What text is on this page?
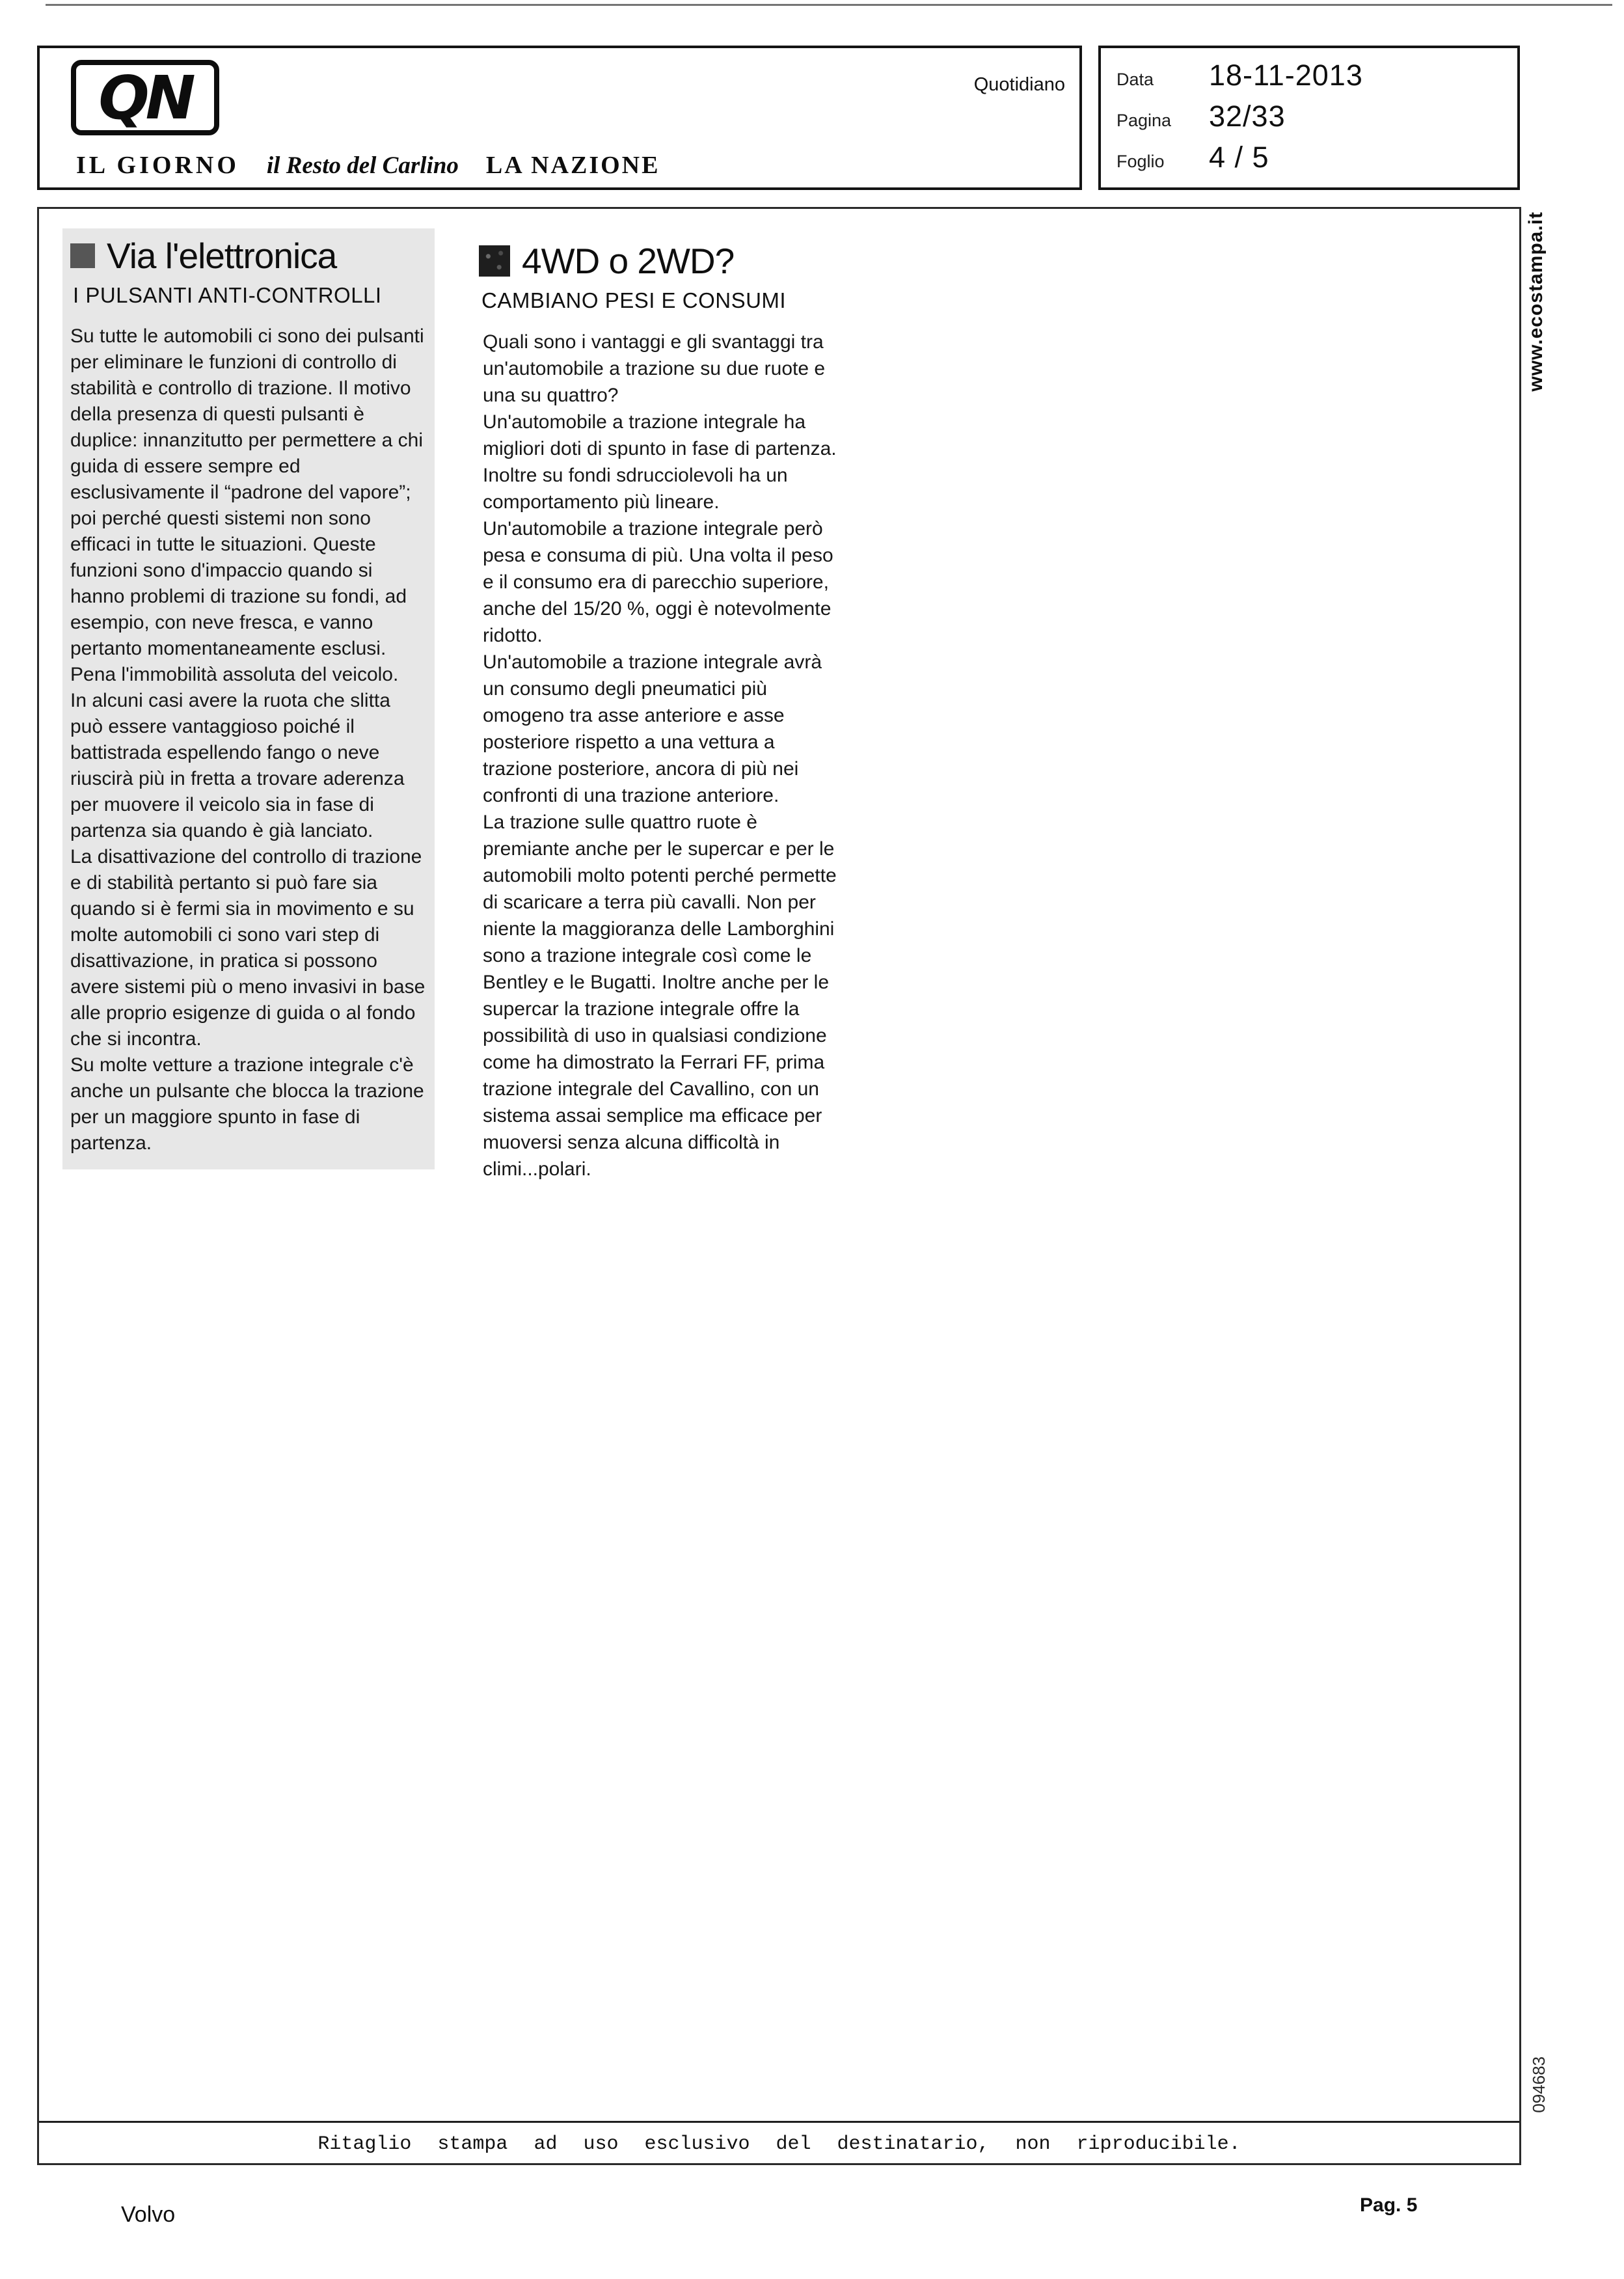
QN
IL GIORNO il Resto del Carlino LA NAZIONE
Quotidiano	Data	18-11-2013
Pagina	32/33
Foglio	4 / 5
Via l'elettronica
I PULSANTI ANTI-CONTROLLI

Su tutte le automobili ci sono dei pulsanti per eliminare le funzioni di controllo di stabilità e controllo di trazione. Il motivo della presenza di questi pulsanti è duplice: innanzitutto per permettere a chi guida di essere sempre ed esclusivamente il “padrone del vapore”; poi perché questi sistemi non sono efficaci in tutte le situazioni. Queste funzioni sono d'impaccio quando si hanno problemi di trazione su fondi, ad esempio, con neve fresca, e vanno pertanto momentaneamente esclusi. Pena l'immobilità assoluta del veicolo.

In alcuni casi avere la ruota che slitta può essere vantaggioso poiché il battistrada espellendo fango o neve riuscirà più in fretta a trovare aderenza per muovere il veicolo sia in fase di partenza sia quando è già lanciato.

La disattivazione del controllo di trazione e di stabilità pertanto si può fare sia quando si è fermi sia in movimento e su molte automobili ci sono vari step di disattivazione, in pratica si possono avere sistemi più o meno invasivi in base alle proprio esigenze di guida o al fondo che si incontra.

Su molte vetture a trazione integrale c'è anche un pulsante che blocca la trazione per un maggiore spunto in fase di partenza.

4WD o 2WD?
CAMBIANO PESI E CONSUMI

Quali sono i vantaggi e gli svantaggi tra un'automobile a trazione su due ruote e una su quattro?

Un'automobile a trazione integrale ha migliori doti di spunto in fase di partenza. Inoltre su fondi sdrucciolevoli ha un comportamento più lineare. Un'automobile a trazione integrale però pesa e consuma di più. Una volta il peso e il consumo era di parecchio superiore, anche del 15/20 %, oggi è notevolmente ridotto.

Un'automobile a trazione integrale avrà un consumo degli pneumatici più omogeno tra asse anteriore e asse posteriore rispetto a una vettura a trazione posteriore, ancora di più nei confronti di una trazione anteriore.

La trazione sulle quattro ruote è premiante anche per le supercar e per le automobili molto potenti perché permette di scaricare a terra più cavalli. Non per niente la maggioranza delle Lamborghini sono a trazione integrale così come le Bentley e le Bugatti. Inoltre anche per le supercar la trazione integrale offre la possibilità di uso in qualsiasi condizione come ha dimostrato la Ferrari FF, prima trazione integrale del Cavallino, con un sistema assai semplice ma efficace per muoversi senza alcuna difficoltà in climi...polari.

Ritaglio stampa ad uso esclusivo del destinatario, non riproducibile.
www.ecostampa.it
094683
Volvo	Pag. 5
